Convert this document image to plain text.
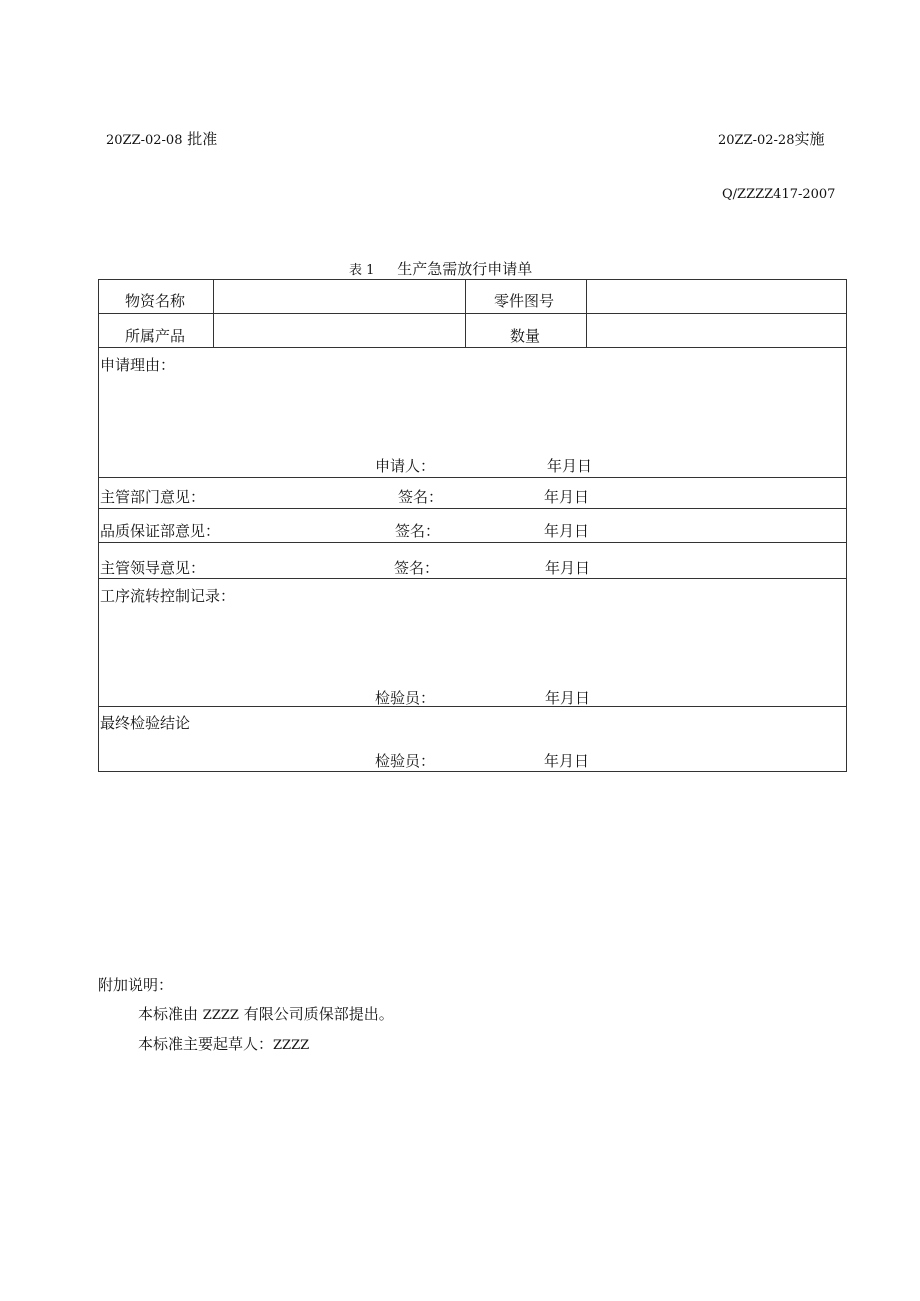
20ZZ-02-08 批准	20ZZ-02-28实施
Q/ZZZZ417-2007
表 1 生产急需放行申请单
物资名称	零件图号
所属产品	数量
申请理由：
申请人：	年月日
主管部门意见：	签名：	年月日
品质保证部意见：	签名：	年月日
主管领导意见：	签名：	年月日
工序流转控制记录：
检验员：	年月日
最终检验结论
检验员：	年月日
附加说明：
本标准由 ZZZZ 有限公司质保部提出。
本标准主要起草人：ZZZZ
